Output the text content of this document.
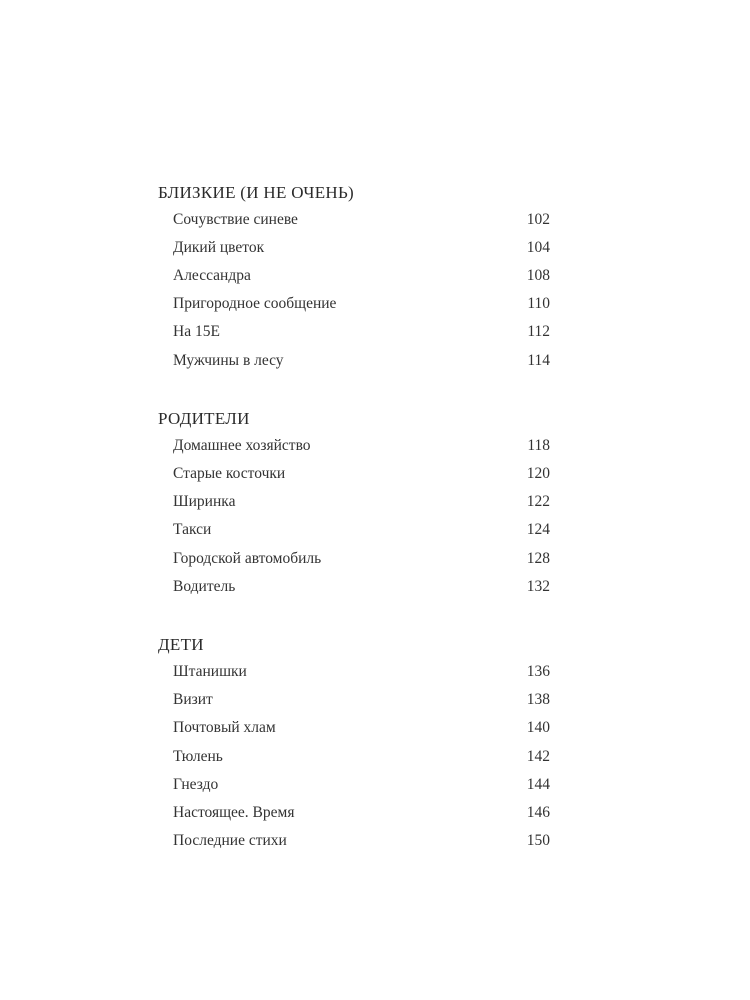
БЛИЗКИЕ (И НЕ ОЧЕНЬ)
Сочувствие синеве	102
Дикий цветок	104
Алессандра	108
Пригородное сообщение	110
На 15Е	112
Мужчины в лесу	114
РОДИТЕЛИ
Домашнее хозяйство	118
Старые косточки	120
Ширинка	122
Такси	124
Городской автомобиль	128
Водитель	132
ДЕТИ
Штанишки	136
Визит	138
Почтовый хлам	140
Тюлень	142
Гнездо	144
Настоящее. Время	146
Последние стихи	150
